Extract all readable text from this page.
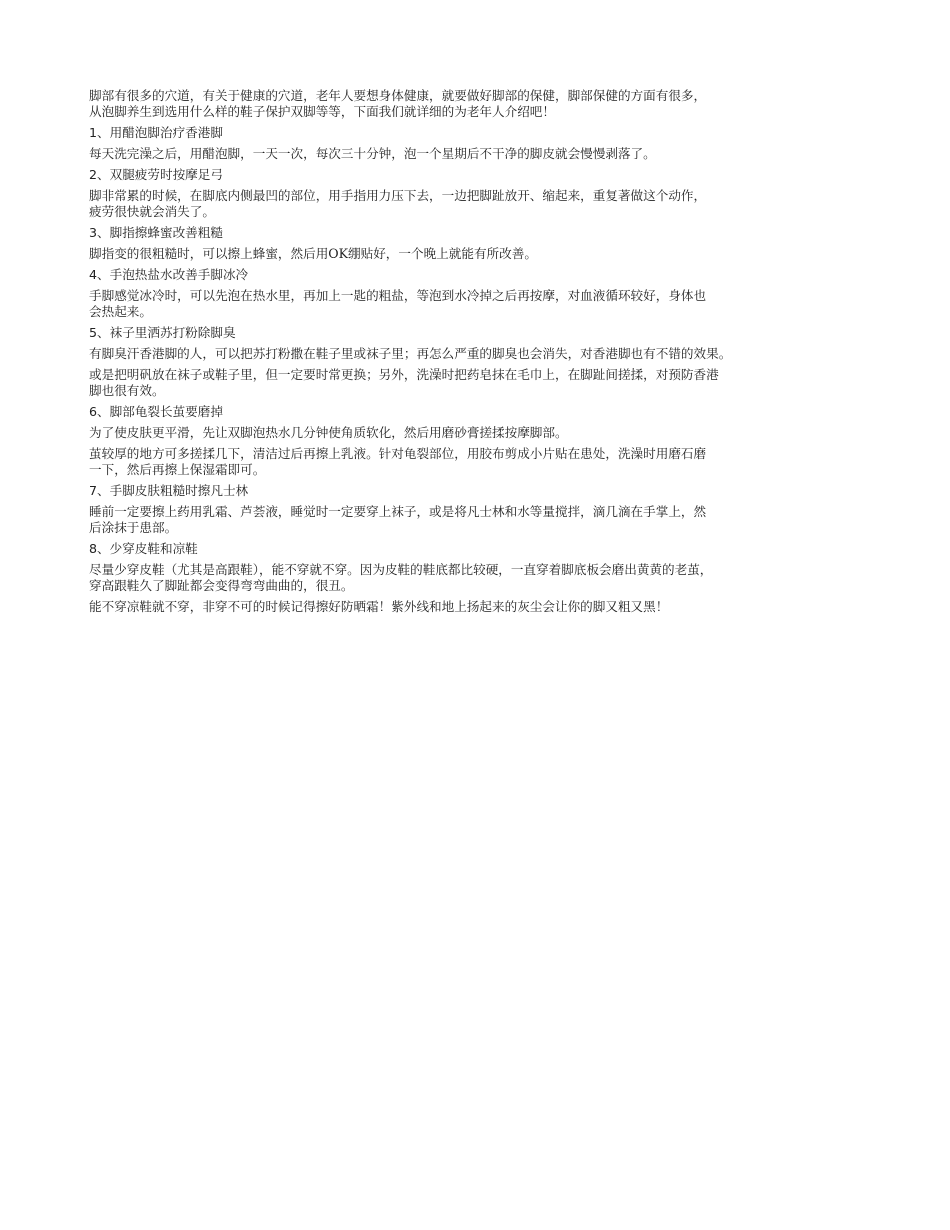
脚部有很多的穴道，有关于健康的穴道，老年人要想身体健康，就要做好脚部的保健，脚部保健的方面有很多，
从泡脚养生到选用什么样的鞋子保护双脚等等，下面我们就详细的为老年人介绍吧！

1、用醋泡脚治疗香港脚

每天洗完澡之后，用醋泡脚，一天一次，每次三十分钟，泡一个星期后不干净的脚皮就会慢慢剥落了。

2、双腿疲劳时按摩足弓

脚非常累的时候，在脚底内侧最凹的部位，用手指用力压下去，一边把脚趾放开、缩起来，重复著做这个动作，
疲劳很快就会消失了。

3、脚指擦蜂蜜改善粗糙

脚指变的很粗糙时，可以擦上蜂蜜，然后用OK绷贴好，一个晚上就能有所改善。

4、手泡热盐水改善手脚冰冷

手脚感觉冰冷时，可以先泡在热水里，再加上一匙的粗盐，等泡到水冷掉之后再按摩，对血液循环较好，身体也
会热起来。

5、袜子里洒苏打粉除脚臭

有脚臭汗香港脚的人，可以把苏打粉撒在鞋子里或袜子里；再怎么严重的脚臭也会消失，对香港脚也有不错的效果。

或是把明矾放在袜子或鞋子里，但一定要时常更换；另外，洗澡时把药皂抹在毛巾上，在脚趾间搓揉，对预防香港
脚也很有效。

6、脚部龟裂长茧要磨掉

为了使皮肤更平滑，先让双脚泡热水几分钟使角质软化，然后用磨砂膏搓揉按摩脚部。

茧较厚的地方可多搓揉几下，清洁过后再擦上乳液。针对龟裂部位，用胶布剪成小片贴在患处，洗澡时用磨石磨
一下，然后再擦上保湿霜即可。

7、手脚皮肤粗糙时擦凡士林

睡前一定要擦上药用乳霜、芦荟液，睡觉时一定要穿上袜子，或是将凡士林和水等量搅拌，滴几滴在手掌上，然
后涂抹于患部。

8、少穿皮鞋和凉鞋

尽量少穿皮鞋（尤其是高跟鞋），能不穿就不穿。因为皮鞋的鞋底都比较硬，一直穿着脚底板会磨出黄黄的老茧，
穿高跟鞋久了脚趾都会变得弯弯曲曲的，很丑。

能不穿凉鞋就不穿，非穿不可的时候记得擦好防晒霜！紫外线和地上扬起来的灰尘会让你的脚又粗又黑！
